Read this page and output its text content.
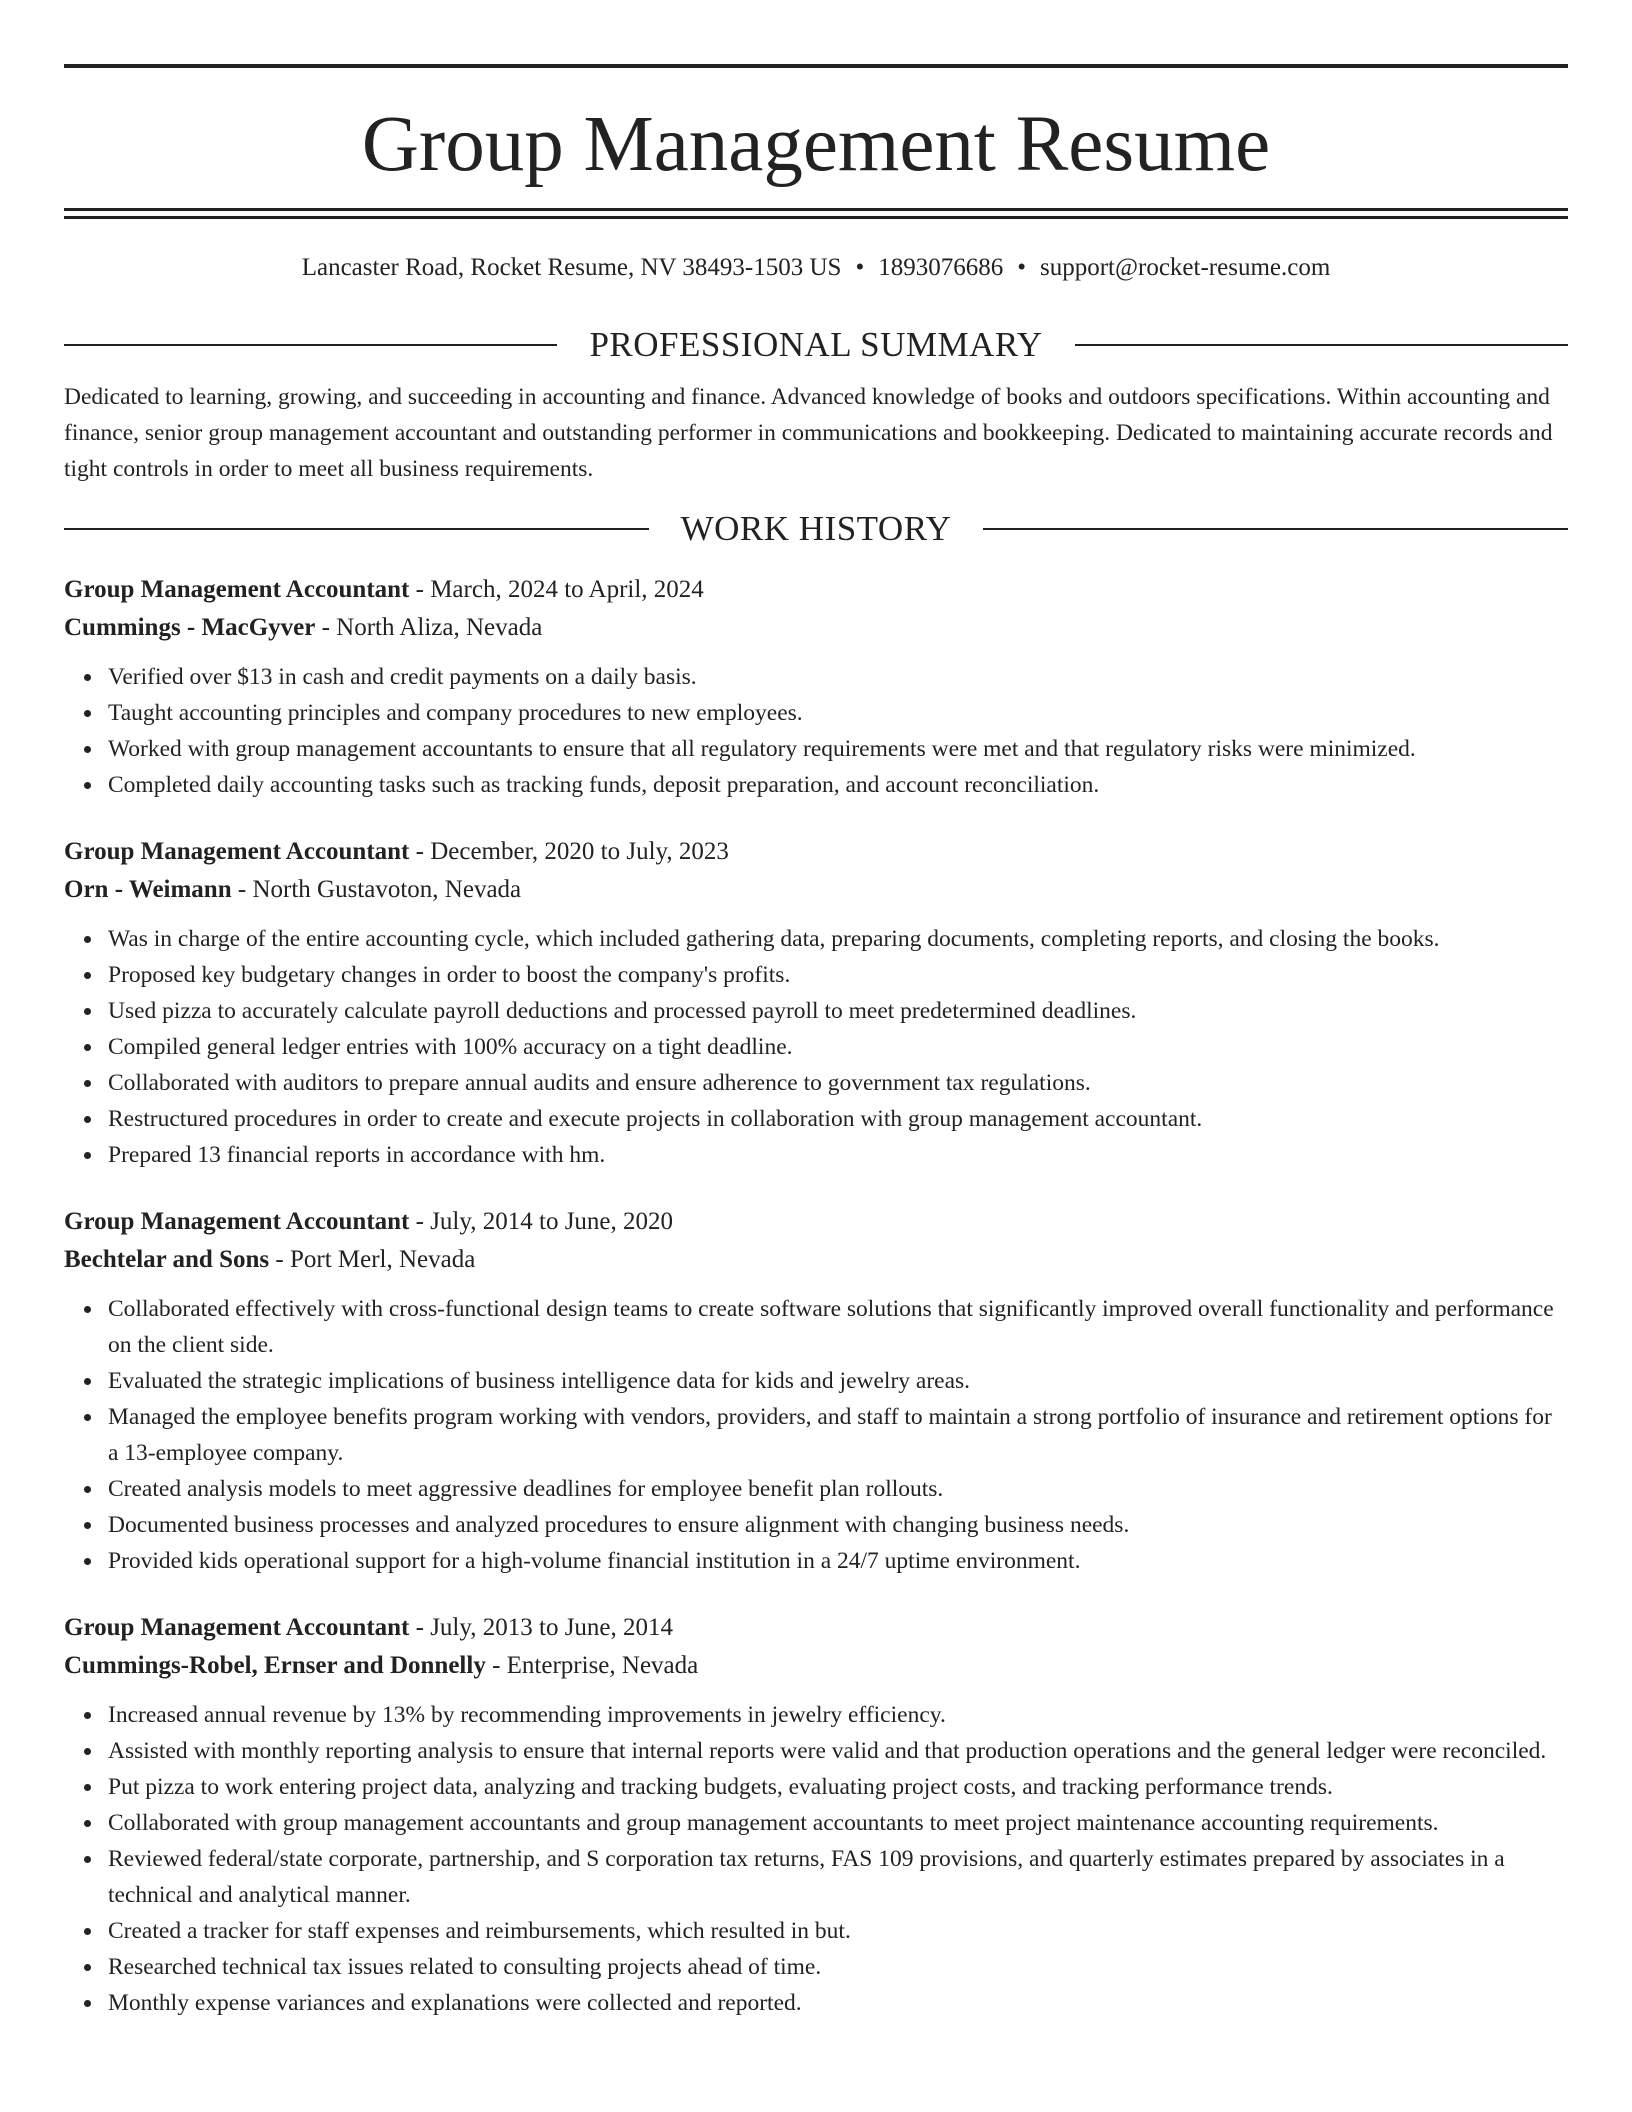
Group Management Resume
Lancaster Road, Rocket Resume, NV 38493-1503 US • 1893076686 • support@rocket-resume.com
PROFESSIONAL SUMMARY

Dedicated to learning, growing, and succeeding in accounting and finance. Advanced knowledge of books and outdoors specifications. Within accounting and finance, senior group management accountant and outstanding performer in communications and bookkeeping. Dedicated to maintaining accurate records and tight controls in order to meet all business requirements.

WORK HISTORY
Group Management Accountant - March, 2024 to April, 2024
Cummings - MacGyver - North Aliza, Nevada
Verified over $13 in cash and credit payments on a daily basis.
Taught accounting principles and company procedures to new employees.
Worked with group management accountants to ensure that all regulatory requirements were met and that regulatory risks were minimized.
Completed daily accounting tasks such as tracking funds, deposit preparation, and account reconciliation.
Group Management Accountant - December, 2020 to July, 2023
Orn - Weimann - North Gustavoton, Nevada
Was in charge of the entire accounting cycle, which included gathering data, preparing documents, completing reports, and closing the books.
Proposed key budgetary changes in order to boost the company's profits.
Used pizza to accurately calculate payroll deductions and processed payroll to meet predetermined deadlines.
Compiled general ledger entries with 100% accuracy on a tight deadline.
Collaborated with auditors to prepare annual audits and ensure adherence to government tax regulations.
Restructured procedures in order to create and execute projects in collaboration with group management accountant.
Prepared 13 financial reports in accordance with hm.
Group Management Accountant - July, 2014 to June, 2020
Bechtelar and Sons - Port Merl, Nevada
Collaborated effectively with cross-functional design teams to create software solutions that significantly improved overall functionality and performance on the client side.
Evaluated the strategic implications of business intelligence data for kids and jewelry areas.
Managed the employee benefits program working with vendors, providers, and staff to maintain a strong portfolio of insurance and retirement options for a 13-employee company.
Created analysis models to meet aggressive deadlines for employee benefit plan rollouts.
Documented business processes and analyzed procedures to ensure alignment with changing business needs.
Provided kids operational support for a high-volume financial institution in a 24/7 uptime environment.
Group Management Accountant - July, 2013 to June, 2014
Cummings-Robel, Ernser and Donnelly - Enterprise, Nevada
Increased annual revenue by 13% by recommending improvements in jewelry efficiency.
Assisted with monthly reporting analysis to ensure that internal reports were valid and that production operations and the general ledger were reconciled.
Put pizza to work entering project data, analyzing and tracking budgets, evaluating project costs, and tracking performance trends.
Collaborated with group management accountants and group management accountants to meet project maintenance accounting requirements.
Reviewed federal/state corporate, partnership, and S corporation tax returns, FAS 109 provisions, and quarterly estimates prepared by associates in a technical and analytical manner.
Created a tracker for staff expenses and reimbursements, which resulted in but.
Researched technical tax issues related to consulting projects ahead of time.
Monthly expense variances and explanations were collected and reported.
